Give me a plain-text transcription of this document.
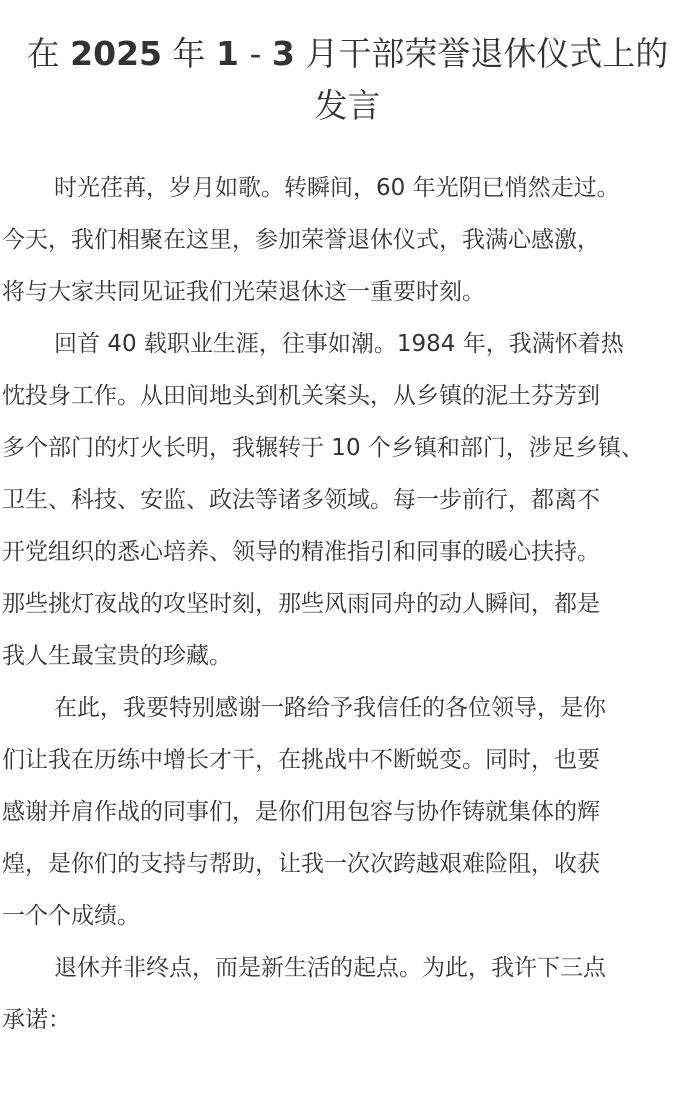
在 2025 年 1 - 3 月干部荣誉退休仪式上的
发言

时光荏苒，岁月如歌。转瞬间，60 年光阴已悄然走过。
今天，我们相聚在这里，参加荣誉退休仪式，我满心感激，
将与大家共同见证我们光荣退休这一重要时刻。

回首 40 载职业生涯，往事如潮。1984 年，我满怀着热
忱投身工作。从田间地头到机关案头，从乡镇的泥土芬芳到
多个部门的灯火长明，我辗转于 10 个乡镇和部门，涉足乡镇、
卫生、科技、安监、政法等诸多领域。每一步前行，都离不
开党组织的悉心培养、领导的精准指引和同事的暖心扶持。
那些挑灯夜战的攻坚时刻，那些风雨同舟的动人瞬间，都是
我人生最宝贵的珍藏。

在此，我要特别感谢一路给予我信任的各位领导，是你
们让我在历练中增长才干，在挑战中不断蜕变。同时，也要
感谢并肩作战的同事们，是你们用包容与协作铸就集体的辉
煌，是你们的支持与帮助，让我一次次跨越艰难险阻，收获
一个个成绩。

退休并非终点，而是新生活的起点。为此，我许下三点
承诺：
